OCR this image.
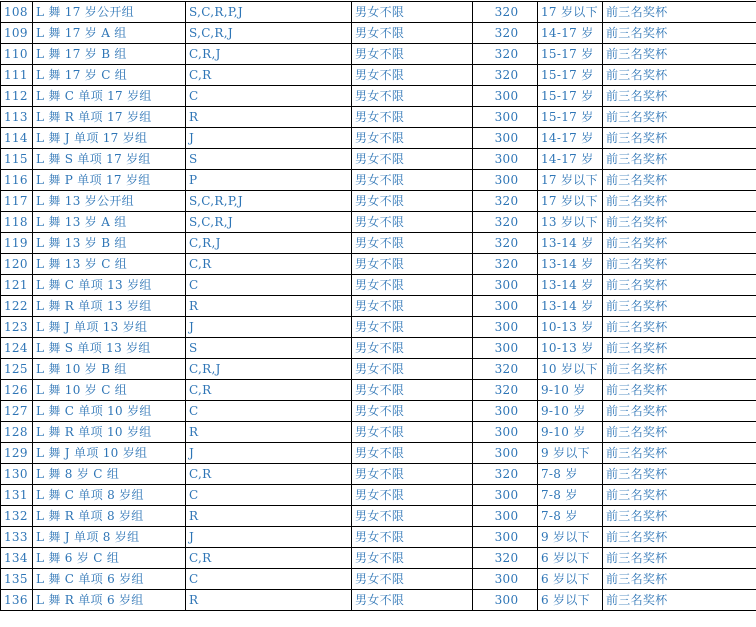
108	L 舞 17 岁公开组	S,C,R,P,J	男女不限	320	17 岁以下	前三名奖杯
109	L 舞 17 岁 A 组	S,C,R,J	男女不限	320	14-17 岁	前三名奖杯
110	L 舞 17 岁 B 组	C,R,J	男女不限	320	15-17 岁	前三名奖杯
111	L 舞 17 岁 C 组	C,R	男女不限	320	15-17 岁	前三名奖杯
112	L 舞 C 单项 17 岁组	C	男女不限	300	15-17 岁	前三名奖杯
113	L 舞 R 单项 17 岁组	R	男女不限	300	15-17 岁	前三名奖杯
114	L 舞 J 单项 17 岁组	J	男女不限	300	14-17 岁	前三名奖杯
115	L 舞 S 单项 17 岁组	S	男女不限	300	14-17 岁	前三名奖杯
116	L 舞 P 单项 17 岁组	P	男女不限	300	17 岁以下	前三名奖杯
117	L 舞 13 岁公开组	S,C,R,P,J	男女不限	320	17 岁以下	前三名奖杯
118	L 舞 13 岁 A 组	S,C,R,J	男女不限	320	13 岁以下	前三名奖杯
119	L 舞 13 岁 B 组	C,R,J	男女不限	320	13-14 岁	前三名奖杯
120	L 舞 13 岁 C 组	C,R	男女不限	320	13-14 岁	前三名奖杯
121	L 舞 C 单项 13 岁组	C	男女不限	300	13-14 岁	前三名奖杯
122	L 舞 R 单项 13 岁组	R	男女不限	300	13-14 岁	前三名奖杯
123	L 舞 J 单项 13 岁组	J	男女不限	300	10-13 岁	前三名奖杯
124	L 舞 S 单项 13 岁组	S	男女不限	300	10-13 岁	前三名奖杯
125	L 舞 10 岁 B 组	C,R,J	男女不限	320	10 岁以下	前三名奖杯
126	L 舞 10 岁 C 组	C,R	男女不限	320	9-10 岁	前三名奖杯
127	L 舞 C 单项 10 岁组	C	男女不限	300	9-10 岁	前三名奖杯
128	L 舞 R 单项 10 岁组	R	男女不限	300	9-10 岁	前三名奖杯
129	L 舞 J 单项 10 岁组	J	男女不限	300	9 岁以下	前三名奖杯
130	L 舞 8 岁 C 组	C,R	男女不限	320	7-8 岁	前三名奖杯
131	L 舞 C 单项 8 岁组	C	男女不限	300	7-8 岁	前三名奖杯
132	L 舞 R 单项 8 岁组	R	男女不限	300	7-8 岁	前三名奖杯
133	L 舞 J 单项 8 岁组	J	男女不限	300	9 岁以下	前三名奖杯
134	L 舞 6 岁 C 组	C,R	男女不限	320	6 岁以下	前三名奖杯
135	L 舞 C 单项 6 岁组	C	男女不限	300	6 岁以下	前三名奖杯
136	L 舞 R 单项 6 岁组	R	男女不限	300	6 岁以下	前三名奖杯
